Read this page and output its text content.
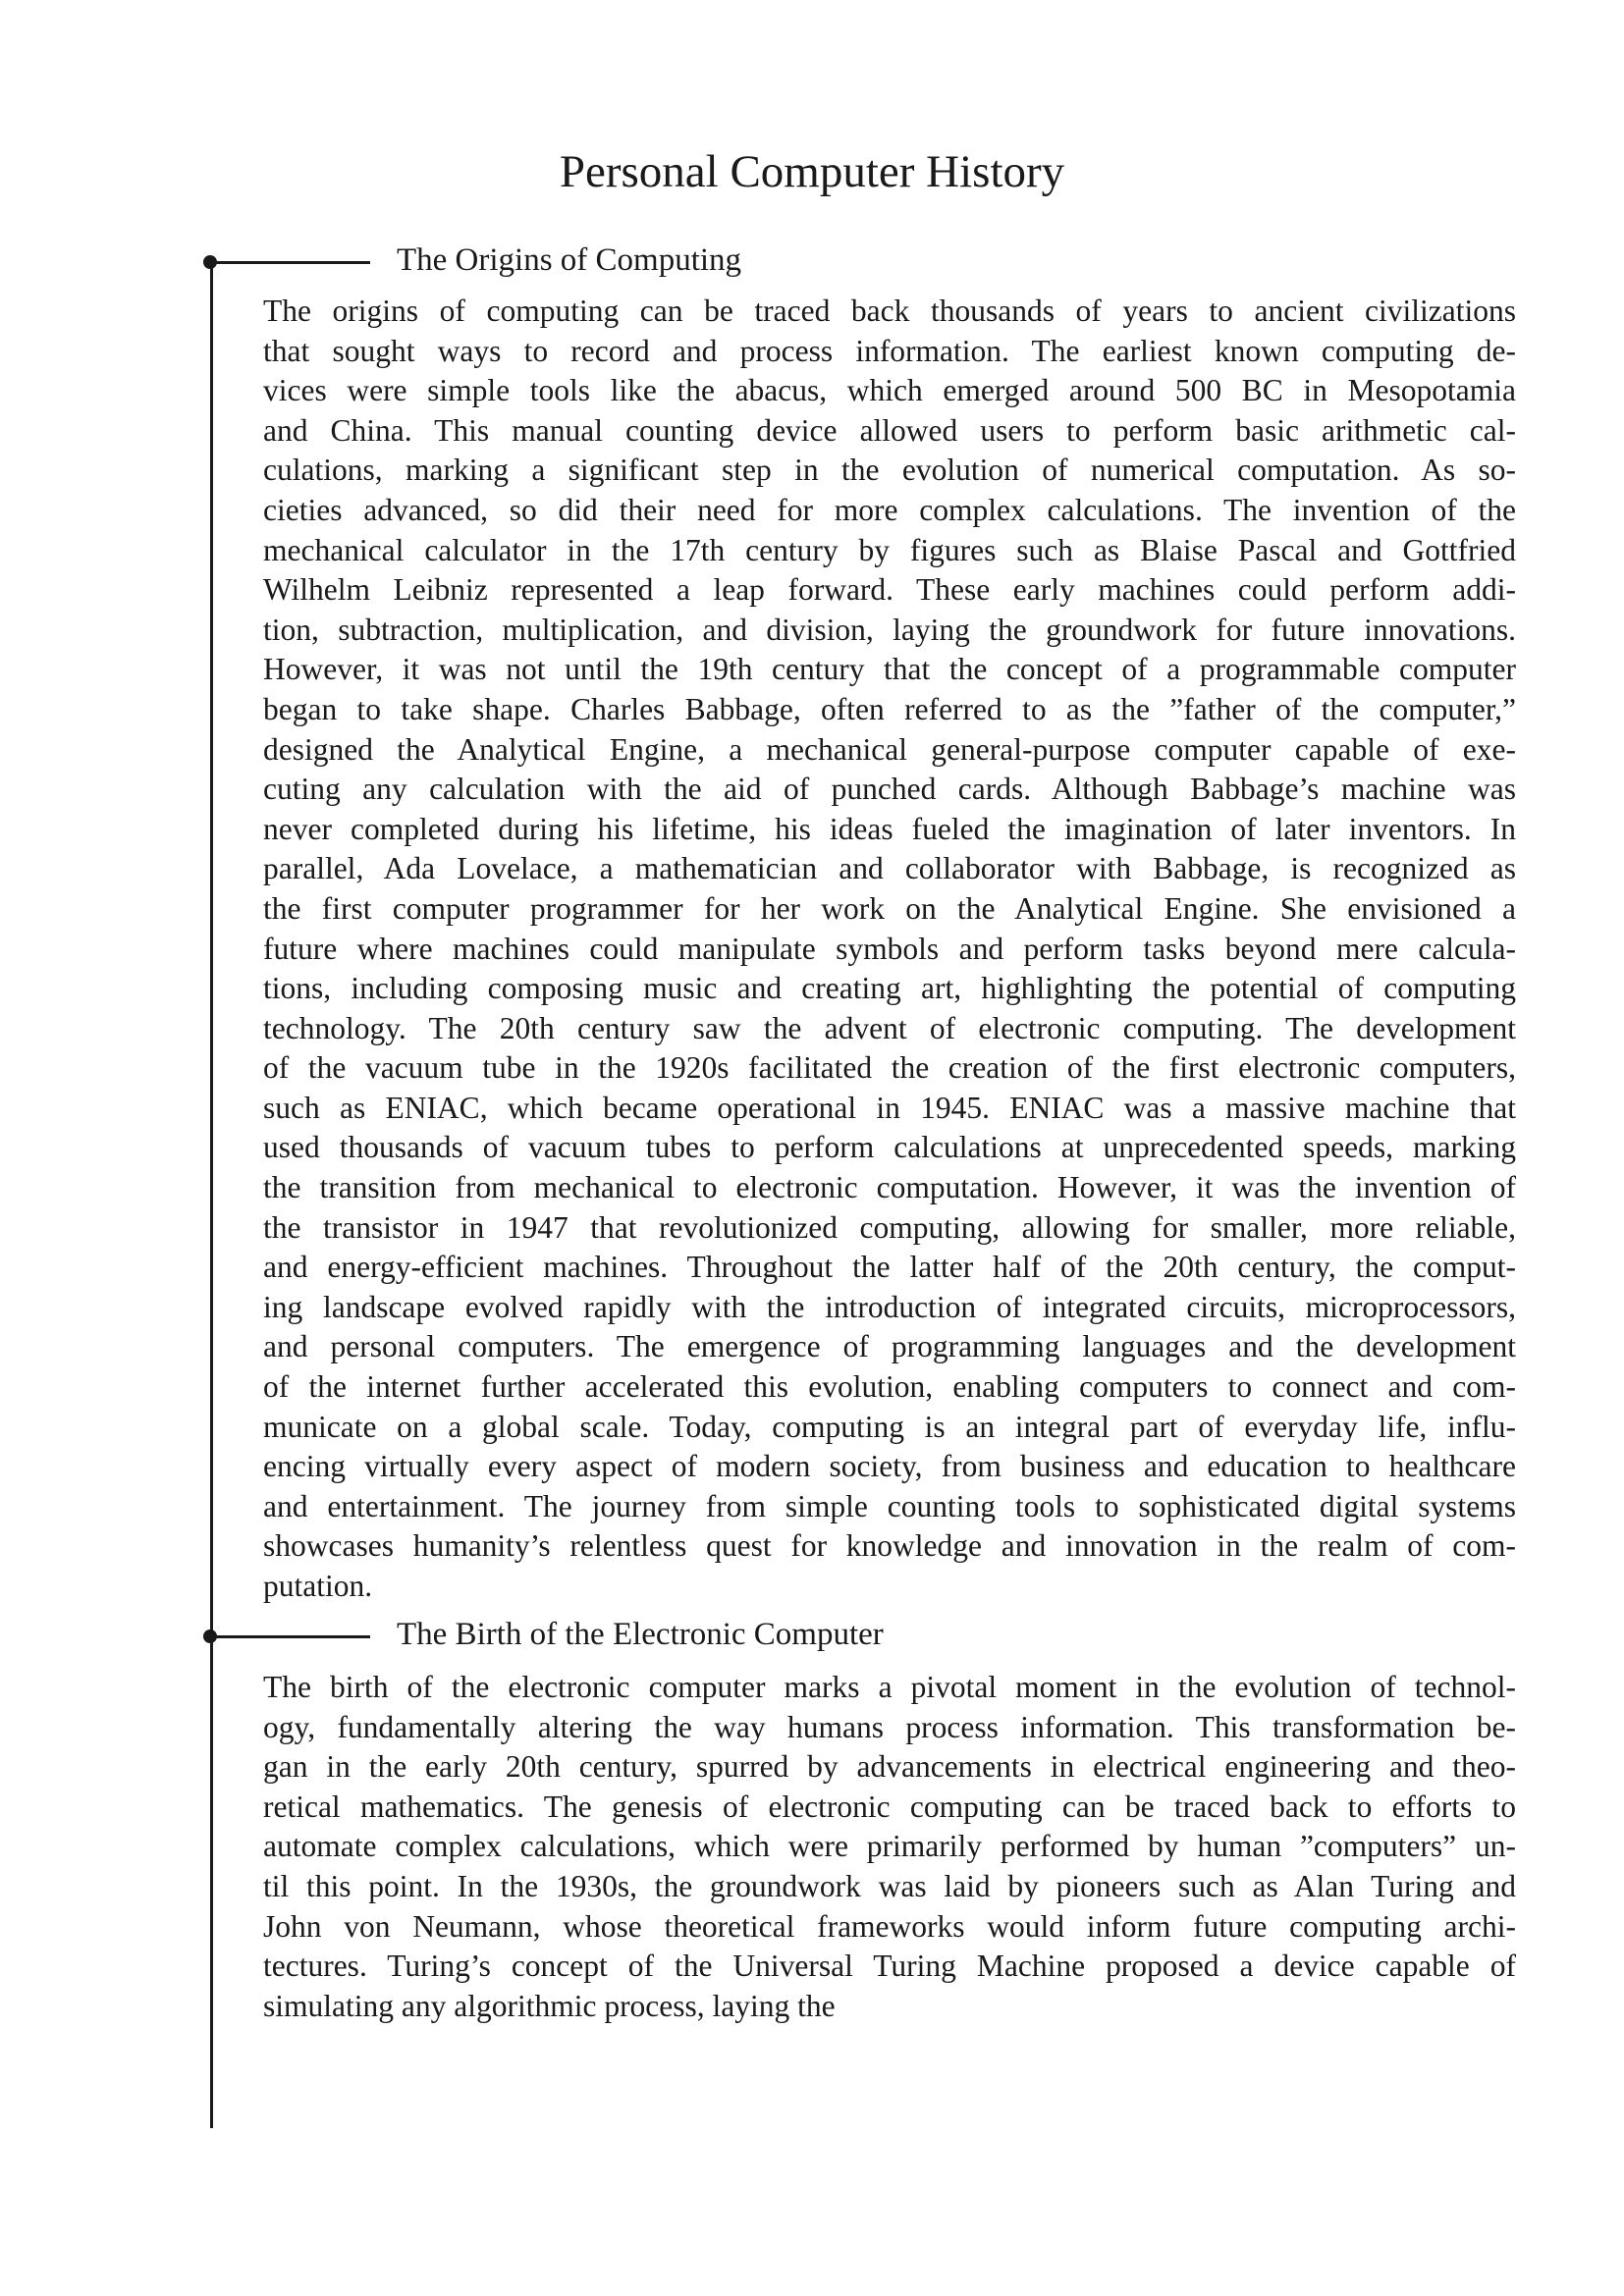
Personal Computer History
The Origins of Computing
The origins of computing can be traced back thousands of years to ancient civilizations
that sought ways to record and process information. The earliest known computing de-
vices were simple tools like the abacus, which emerged around 500 BC in Mesopotamia
and China. This manual counting device allowed users to perform basic arithmetic cal-
culations, marking a significant step in the evolution of numerical computation. As so-
cieties advanced, so did their need for more complex calculations. The invention of the
mechanical calculator in the 17th century by figures such as Blaise Pascal and Gottfried
Wilhelm Leibniz represented a leap forward. These early machines could perform addi-
tion, subtraction, multiplication, and division, laying the groundwork for future innovations.
However, it was not until the 19th century that the concept of a programmable computer
began to take shape. Charles Babbage, often referred to as the ”father of the computer,”
designed the Analytical Engine, a mechanical general-purpose computer capable of exe-
cuting any calculation with the aid of punched cards. Although Babbage’s machine was
never completed during his lifetime, his ideas fueled the imagination of later inventors. In
parallel, Ada Lovelace, a mathematician and collaborator with Babbage, is recognized as
the first computer programmer for her work on the Analytical Engine. She envisioned a
future where machines could manipulate symbols and perform tasks beyond mere calcula-
tions, including composing music and creating art, highlighting the potential of computing
technology. The 20th century saw the advent of electronic computing. The development
of the vacuum tube in the 1920s facilitated the creation of the first electronic computers,
such as ENIAC, which became operational in 1945. ENIAC was a massive machine that
used thousands of vacuum tubes to perform calculations at unprecedented speeds, marking
the transition from mechanical to electronic computation. However, it was the invention of
the transistor in 1947 that revolutionized computing, allowing for smaller, more reliable,
and energy-efficient machines. Throughout the latter half of the 20th century, the comput-
ing landscape evolved rapidly with the introduction of integrated circuits, microprocessors,
and personal computers. The emergence of programming languages and the development
of the internet further accelerated this evolution, enabling computers to connect and com-
municate on a global scale. Today, computing is an integral part of everyday life, influ-
encing virtually every aspect of modern society, from business and education to healthcare
and entertainment. The journey from simple counting tools to sophisticated digital systems
showcases humanity’s relentless quest for knowledge and innovation in the realm of com-
putation.
The Birth of the Electronic Computer
The birth of the electronic computer marks a pivotal moment in the evolution of technol-
ogy, fundamentally altering the way humans process information. This transformation be-
gan in the early 20th century, spurred by advancements in electrical engineering and theo-
retical mathematics. The genesis of electronic computing can be traced back to efforts to
automate complex calculations, which were primarily performed by human ”computers” un-
til this point. In the 1930s, the groundwork was laid by pioneers such as Alan Turing and
John von Neumann, whose theoretical frameworks would inform future computing archi-
tectures. Turing’s concept of the Universal Turing Machine proposed a device capable of
simulating any algorithmic process, laying the
